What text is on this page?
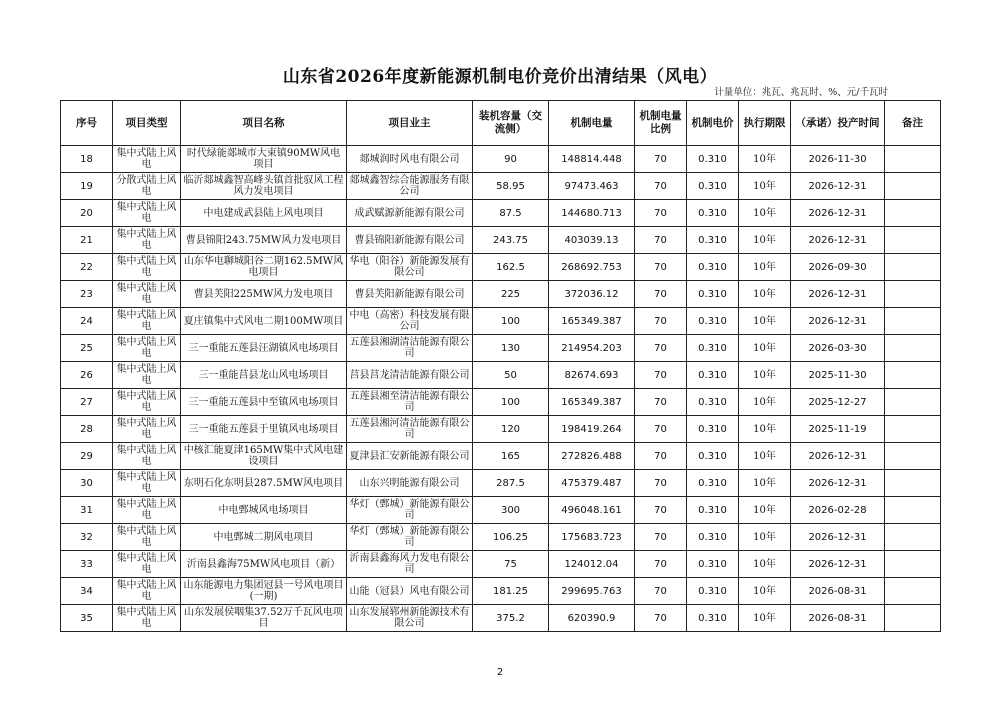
山东省2026年度新能源机制电价竞价出清结果（风电）
计量单位：兆瓦、兆瓦时、%、元/千瓦时
序号	项目类型	项目名称	项目业主	装机容量（交流侧）	机制电量	机制电量比例	机制电价	执行期限	（承诺）投产时间	备注
18	集中式陆上风电	时代绿能郯城市大束镇90MW风电项目	郯城润时风电有限公司	90	148814.448	70	0.310	10年	2026-11-30	
19	分散式陆上风电	临沂郯城鑫智高峰头镇首批驭风工程风力发电项目	郯城鑫智综合能源服务有限公司	58.95	97473.463	70	0.310	10年	2026-12-31	
20	集中式陆上风电	中电建成武县陆上风电项目	成武赋源新能源有限公司	87.5	144680.713	70	0.310	10年	2026-12-31	
21	集中式陆上风电	曹县锦阳243.75MW风力发电项目	曹县锦阳新能源有限公司	243.75	403039.13	70	0.310	10年	2026-12-31	
22	集中式陆上风电	山东华电聊城阳谷二期162.5MW风电项目	华电（阳谷）新能源发展有限公司	162.5	268692.753	70	0.310	10年	2026-09-30	
23	集中式陆上风电	曹县芙阳225MW风力发电项目	曹县芙阳新能源有限公司	225	372036.12	70	0.310	10年	2026-12-31	
24	集中式陆上风电	夏庄镇集中式风电二期100MW项目	中电（高密）科技发展有限公司	100	165349.387	70	0.310	10年	2026-12-31	
25	集中式陆上风电	三一重能五莲县汪湖镇风电场项目	五莲县湘湖清洁能源有限公司	130	214954.203	70	0.310	10年	2026-03-30	
26	集中式陆上风电	三一重能莒县龙山风电场项目	莒县莒龙清洁能源有限公司	50	82674.693	70	0.310	10年	2025-11-30	
27	集中式陆上风电	三一重能五莲县中至镇风电场项目	五莲县湘至清洁能源有限公司	100	165349.387	70	0.310	10年	2025-12-27	
28	集中式陆上风电	三一重能五莲县于里镇风电场项目	五莲县湘河清洁能源有限公司	120	198419.264	70	0.310	10年	2025-11-19	
29	集中式陆上风电	中核汇能夏津165MW集中式风电建设项目	夏津县汇安新能源有限公司	165	272826.488	70	0.310	10年	2026-12-31	
30	集中式陆上风电	东明石化东明县287.5MW风电项目	山东兴明能源有限公司	287.5	475379.487	70	0.310	10年	2026-12-31	
31	集中式陆上风电	中电鄄城风电场项目	华灯（鄄城）新能源有限公司	300	496048.161	70	0.310	10年	2026-02-28	
32	集中式陆上风电	中电鄄城二期风电项目	华灯（鄄城）新能源有限公司	106.25	175683.723	70	0.310	10年	2026-12-31	
33	集中式陆上风电	沂南县鑫海75MW风电项目（新）	沂南县鑫海风力发电有限公司	75	124012.04	70	0.310	10年	2026-12-31	
34	集中式陆上风电	山东能源电力集团冠县一号风电项目(一期)	山能（冠县）风电有限公司	181.25	299695.763	70	0.310	10年	2026-08-31	
35	集中式陆上风电	山东发展侯咽集37.52万千瓦风电项目	山东发展郓州新能源技术有限公司	375.2	620390.9	70	0.310	10年	2026-08-31	
2
